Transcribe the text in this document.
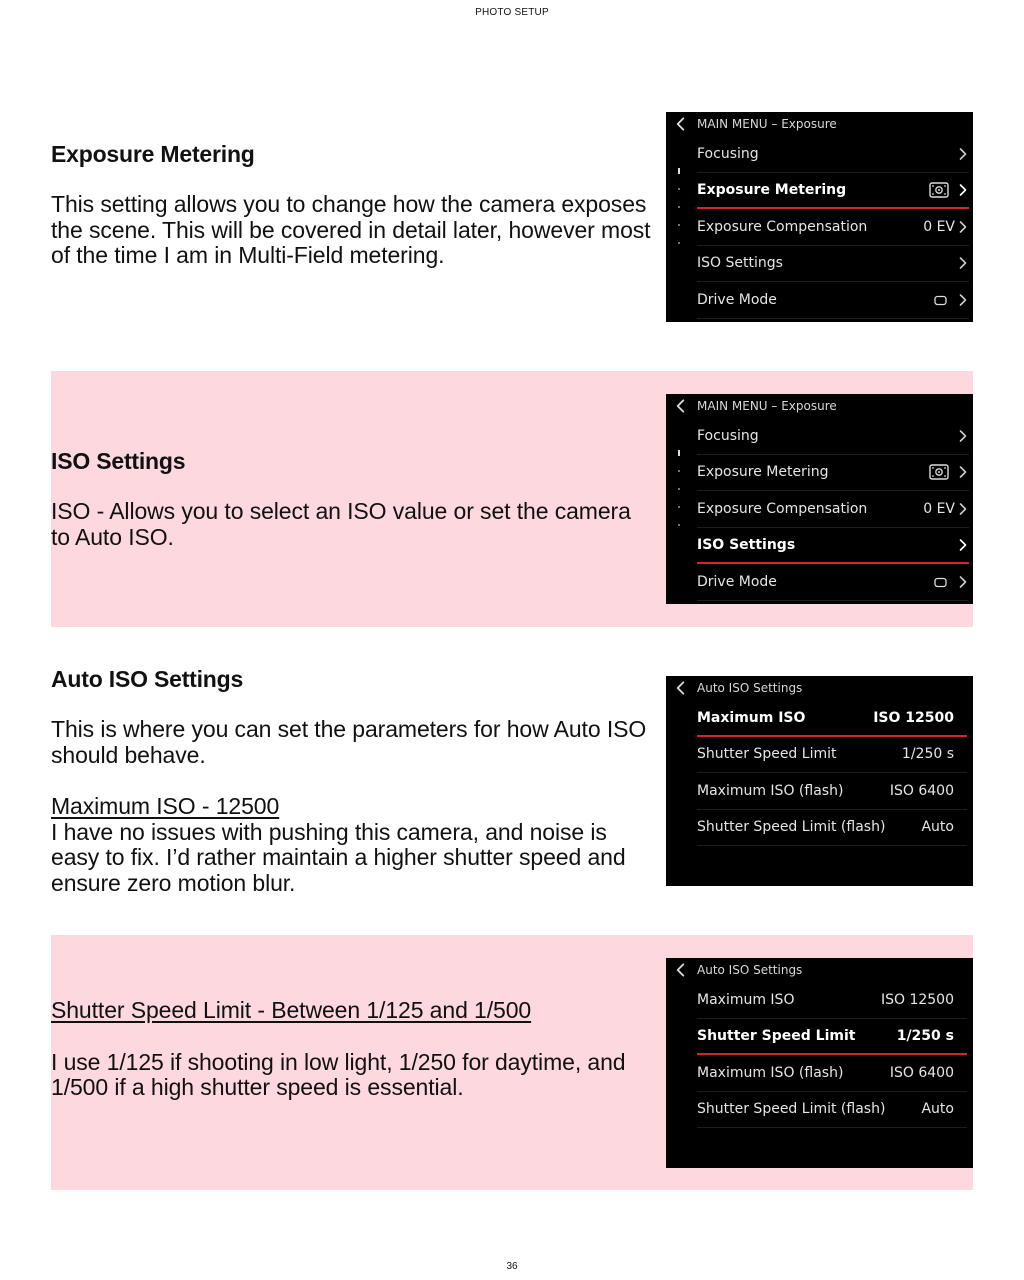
PHOTO SETUP
Exposure Metering

This setting allows you to change how the camera exposes the scene. This will be covered in detail later, however most of the time I am in Multi-Field metering.

ISO Settings

ISO - Allows you to select an ISO value or set the camera to Auto ISO.

Auto ISO Settings

This is where you can set the parameters for how Auto ISO should behave.

Maximum ISO - 12500

I have no issues with pushing this camera, and noise is easy to fix. I’d rather maintain a higher shutter speed and ensure zero motion blur.

Shutter Speed Limit - Between 1/125 and 1/500

I use 1/125 if shooting in low light, 1/250 for daytime, and 1/500 if a high shutter speed is essential.

MAIN MENU – Exposure
Focusing
Exposure Metering
Exposure Compensation	0 EV
ISO Settings
Drive Mode
MAIN MENU – Exposure
Focusing
Exposure Metering
Exposure Compensation	0 EV
ISO Settings
Drive Mode
Auto ISO Settings
Maximum ISO	ISO 12500
Shutter Speed Limit	1/250 s
Maximum ISO (flash)	ISO 6400
Shutter Speed Limit (flash)	Auto
Auto ISO Settings
Maximum ISO	ISO 12500
Shutter Speed Limit	1/250 s
Maximum ISO (flash)	ISO 6400
Shutter Speed Limit (flash)	Auto
36
